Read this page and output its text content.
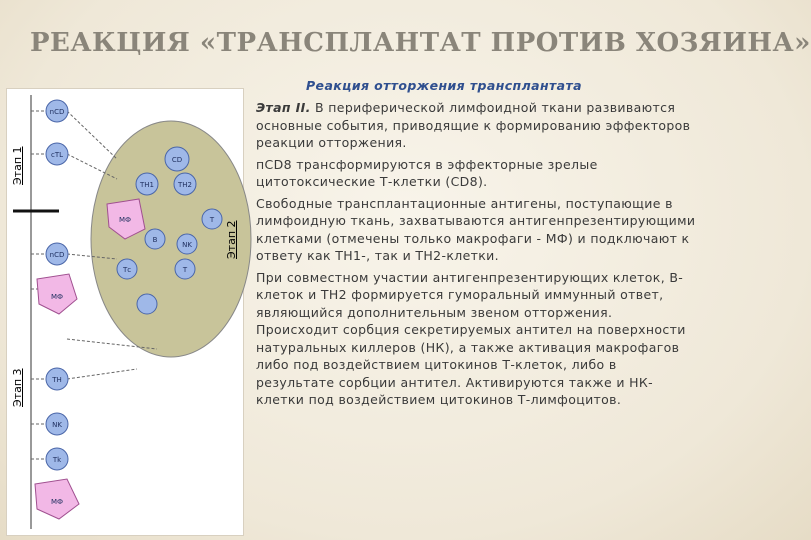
РЕАКЦИЯ «ТРАНСПЛАНТАТ ПРОТИВ ХОЗЯИНА»
nCD
сTL
nCD
МФ
TH
NK
Tk
МФ
CD
TH1	TH2
В
NK
Т
Тс
МФ
Т
Этап 1
Этап 2
Этап 3
Реакция отторжения трансплантата

Этап II. В периферической лимфоидной ткани развиваются основные события, приводящие к формированию эффекторов реакции отторжения.

пCD8 трансформируются в эффекторные зрелые цитотоксические Т-клетки (CD8).

Свободные трансплантационные антигены, поступающие в лимфоидную ткань, захватываются антигенпрезентирующими клетками (отмечены только макрофаги - МФ) и подключают к ответу как ТН1-, так и ТН2-клетки.

При совместном участии антигенпрезентирующих клеток, В-клеток и ТН2 формируется гуморальный иммунный ответ, являющийся дополнительным звеном отторжения. Происходит сорбция секретируемых антител на поверхности натуральных киллеров (НК), а также активация макрофагов либо под воздействием цитокинов Т-клеток, либо в результате сорбции антител. Активируются также и НК-клетки под воздействием цитокинов Т-лимфоцитов.
